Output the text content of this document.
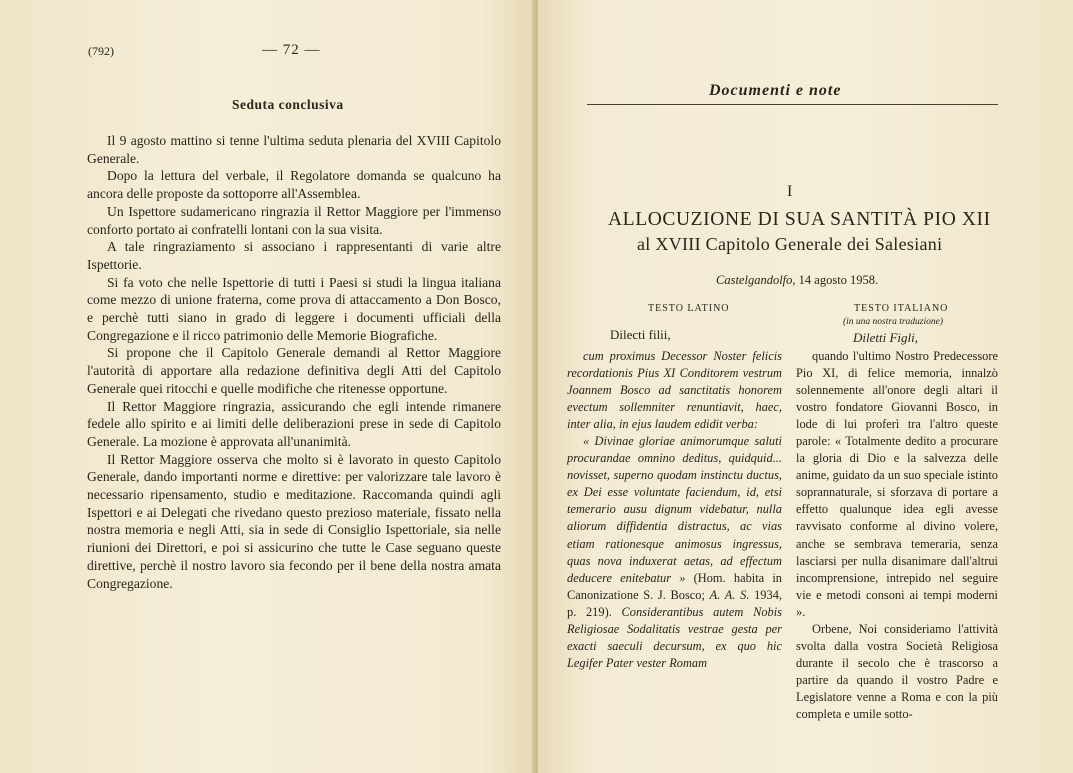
(792)	— 72 —
Seduta conclusiva

Il 9 agosto mattino si tenne l'ultima seduta plenaria del XVIII Capitolo Generale.

Dopo la lettura del verbale, il Regolatore domanda se qualcuno ha ancora delle proposte da sottoporre all'Assemblea.

Un Ispettore sudamericano ringrazia il Rettor Maggiore per l'immenso conforto portato ai confratelli lontani con la sua visita.

A tale ringraziamento si associano i rappresentanti di varie altre Ispettorie.

Si fa voto che nelle Ispettorie di tutti i Paesi si studi la lingua italiana come mezzo di unione fraterna, come prova di attaccamento a Don Bosco, e perchè tutti siano in grado di leggere i documenti ufficiali della Congregazione e il ricco patrimonio delle Memorie Biografiche.

Si propone che il Capitolo Generale demandi al Rettor Maggiore l'autorità di apportare alla redazione definitiva degli Atti del Capitolo Generale quei ritocchi e quelle modifiche che ritenesse opportune.

Il Rettor Maggiore ringrazia, assicurando che egli intende rimanere fedele allo spirito e ai limiti delle deliberazioni prese in sede di Capitolo Generale. La mozione è approvata all'unanimità.

Il Rettor Maggiore osserva che molto si è lavorato in questo Capitolo Generale, dando importanti norme e direttive: per valorizzare tale lavoro è necessario ripensamento, studio e meditazione. Raccomanda quindi agli Ispettori e ai Delegati che rivedano questo prezioso materiale, fissato nella nostra memoria e negli Atti, sia in sede di Consiglio Ispettoriale, sia nelle riunioni dei Direttori, e poi si assicurino che tutte le Case seguano queste direttive, perchè il nostro lavoro sia fecondo per il bene della nostra amata Congregazione.

Documenti e note
I
ALLOCUZIONE DI SUA SANTITÀ PIO XII
al XVIII Capitolo Generale dei Salesiani
Castelgandolfo, 14 agosto 1958.
TESTO LATINO	TESTO ITALIANO
(in una nostra traduzione)
Dilecti filii,	Diletti Figli,

cum proximus Decessor Noster felicis recordationis Pius XI Conditorem vestrum Joannem Bosco ad sanctitatis honorem evectum sollemniter renuntiavit, haec, inter alia, in ejus laudem edidit verba:

« Divinae gloriae animorumque saluti procurandae omnino deditus, quidquid... novisset, superno quodam instinctu ductus, ex Dei esse voluntate faciendum, id, etsi temerario ausu dignum videbatur, nulla aliorum diffidentia distractus, ac vias etiam rationesque animosus ingressus, quas nova induxerat aetas, ad effectum deducere enitebatur » (Hom. habita in Canonizatione S. J. Bosco; A. A. S. 1934, p. 219). Considerantibus autem Nobis Religiosae Sodalitatis vestrae gesta per exacti saeculi decursum, ex quo hic Legifer Pater vester Romam

quando l'ultimo Nostro Predecessore Pio XI, di felice memoria, innalzò solennemente all'onore degli altari il vostro fondatore Giovanni Bosco, in lode di lui proferì tra l'altro queste parole: « Totalmente dedito a procurare la gloria di Dio e la salvezza delle anime, guidato da un suo speciale istinto soprannaturale, si sforzava di portare a effetto qualunque idea egli avesse ravvisato conforme al divino volere, anche se sembrava temeraria, senza lasciarsi per nulla disanimare dall'altrui incomprensione, intrepido nel seguire vie e metodi consoni ai tempi moderni ».

Orbene, Noi consideriamo l'attività svolta dalla vostra Società Religiosa durante il secolo che è trascorso a partire da quando il vostro Padre e Legislatore venne a Roma e con la più completa e umile sotto-
